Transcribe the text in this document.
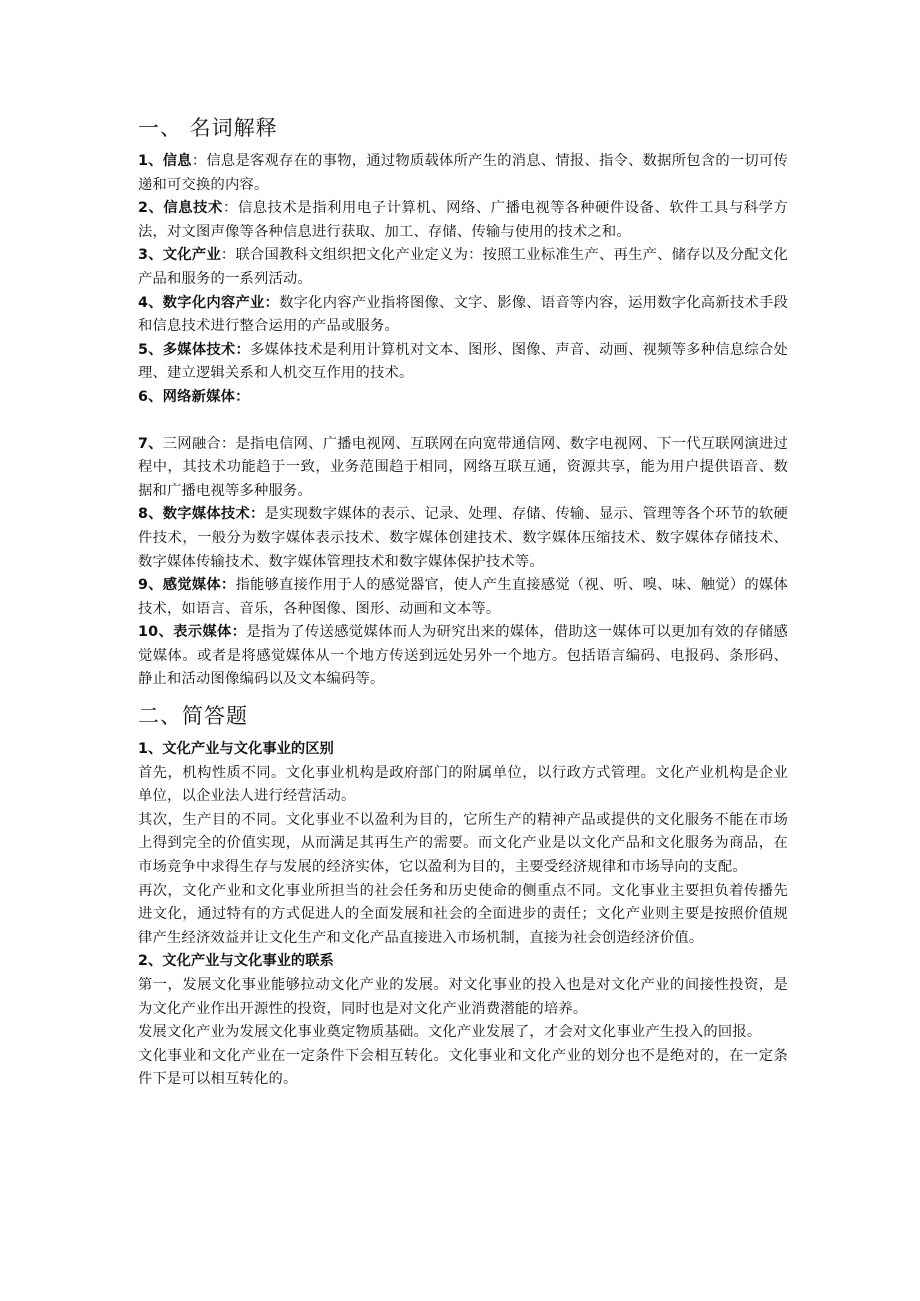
一、 名词解释

1、信息：信息是客观存在的事物，通过物质载体所产生的消息、情报、指令、数据所包含的一切可传递和可交换的内容。

2、信息技术：信息技术是指利用电子计算机、网络、广播电视等各种硬件设备、软件工具与科学方法，对文图声像等各种信息进行获取、加工、存储、传输与使用的技术之和。

3、文化产业：联合国教科文组织把文化产业定义为：按照工业标准生产、再生产、储存以及分配文化产品和服务的一系列活动。

4、数字化内容产业：数字化内容产业指将图像、文字、影像、语音等内容，运用数字化高新技术手段和信息技术进行整合运用的产品或服务。

5、多媒体技术：多媒体技术是利用计算机对文本、图形、图像、声音、动画、视频等多种信息综合处理、建立逻辑关系和人机交互作用的技术。

6、网络新媒体：

7、三网融合：是指电信网、广播电视网、互联网在向宽带通信网、数字电视网、下一代互联网演进过程中，其技术功能趋于一致，业务范围趋于相同，网络互联互通，资源共享，能为用户提供语音、数据和广播电视等多种服务。

8、数字媒体技术：是实现数字媒体的表示、记录、处理、存储、传输、显示、管理等各个环节的软硬件技术，一般分为数字媒体表示技术、数字媒体创建技术、数字媒体压缩技术、数字媒体存储技术、数字媒体传输技术、数字媒体管理技术和数字媒体保护技术等。

9、感觉媒体：指能够直接作用于人的感觉器官，使人产生直接感觉（视、听、嗅、味、触觉）的媒体技术，如语言、音乐，各种图像、图形、动画和文本等。

10、表示媒体：是指为了传送感觉媒体而人为研究出来的媒体，借助这一媒体可以更加有效的存储感觉媒体。或者是将感觉媒体从一个地方传送到远处另外一个地方。包括语言编码、电报码、条形码、静止和活动图像编码以及文本编码等。

二、简答题

1、文化产业与文化事业的区别

首先，机构性质不同。文化事业机构是政府部门的附属单位，以行政方式管理。文化产业机构是企业单位，以企业法人进行经营活动。

其次，生产目的不同。文化事业不以盈利为目的，它所生产的精神产品或提供的文化服务不能在市场上得到完全的价值实现，从而满足其再生产的需要。而文化产业是以文化产品和文化服务为商品，在市场竞争中求得生存与发展的经济实体，它以盈利为目的，主要受经济规律和市场导向的支配。

再次，文化产业和文化事业所担当的社会任务和历史使命的侧重点不同。文化事业主要担负着传播先进文化，通过特有的方式促进人的全面发展和社会的全面进步的责任；文化产业则主要是按照价值规律产生经济效益并让文化生产和文化产品直接进入市场机制，直接为社会创造经济价值。

2、文化产业与文化事业的联系

第一，发展文化事业能够拉动文化产业的发展。对文化事业的投入也是对文化产业的间接性投资，是为文化产业作出开源性的投资，同时也是对文化产业消费潜能的培养。

发展文化产业为发展文化事业奠定物质基础。文化产业发展了，才会对文化事业产生投入的回报。

文化事业和文化产业在一定条件下会相互转化。文化事业和文化产业的划分也不是绝对的，在一定条件下是可以相互转化的。
